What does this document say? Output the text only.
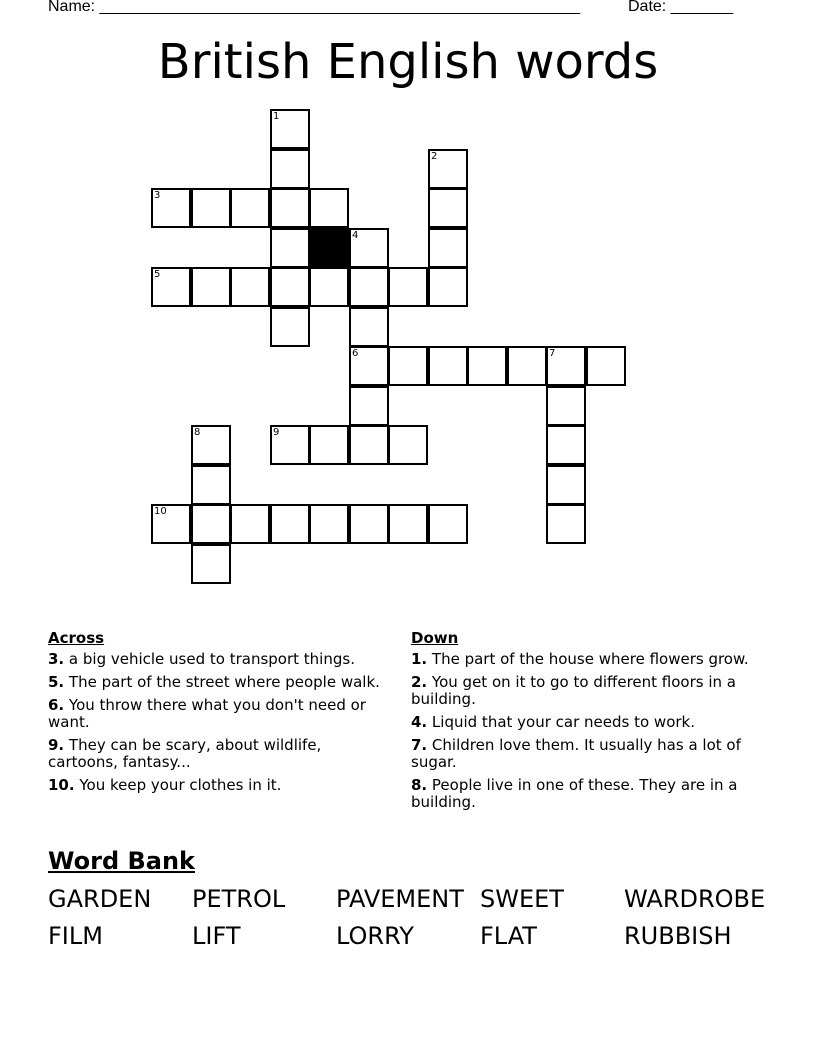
Name: ______________________________________________________	Date: _______
British English words
1
2
3
4
5
6	7
8	9
10
Across
3. a big vehicle used to transport things.
5. The part of the street where people walk.
6. You throw there what you don't need or want.
9. They can be scary, about wildlife, cartoons, fantasy...
10. You keep your clothes in it.
Down
1. The part of the house where flowers grow.
2. You get on it to go to different floors in a building.
4. Liquid that your car needs to work.
7. Children love them. It usually has a lot of sugar.
8. People live in one of these. They are in a building.
Word Bank
GARDEN PETROL PAVEMENT SWEET	WARDROBE
FILM	LIFT	LORRY	FLAT	RUBBISH
